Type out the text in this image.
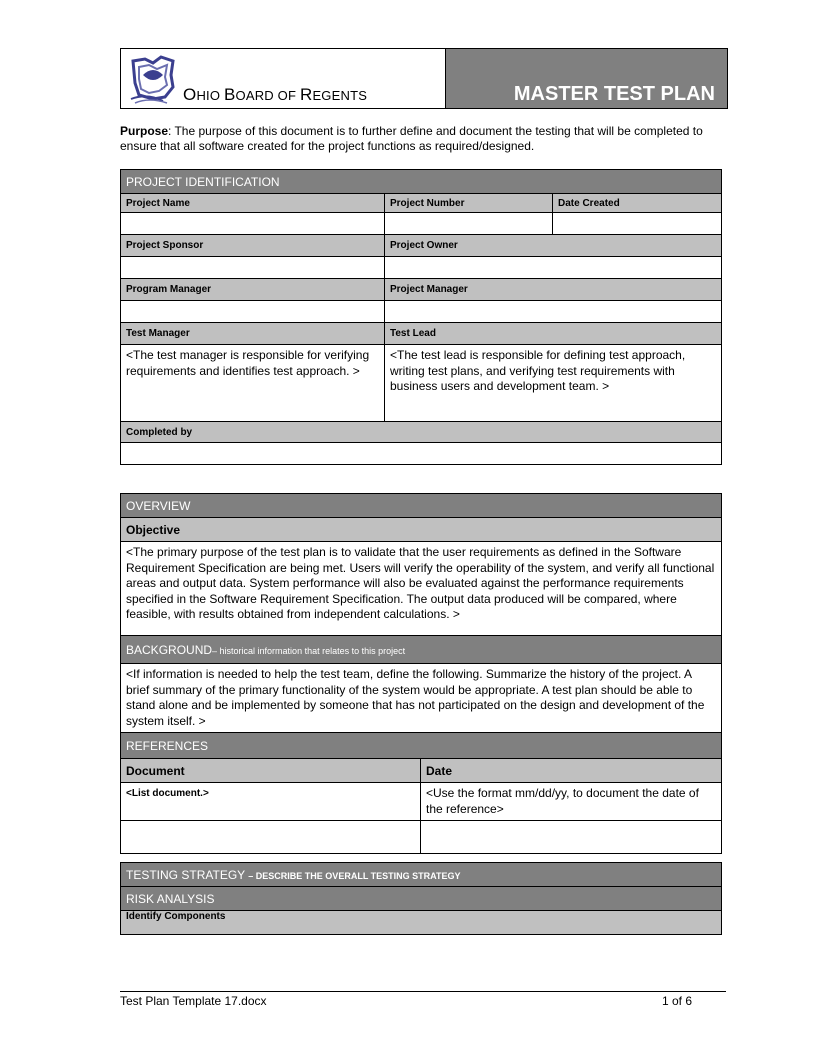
OHIO BOARD OF REGENTS	MASTER TEST PLAN
Purpose: The purpose of this document is to further define and document the testing that will be completed to ensure that all software created for the project functions as required/designed.
PROJECT IDENTIFICATION		
Project Name	Project Number	Date Created

Project Sponsor	Project Owner	

Program Manager	Project Manager	

Test Manager	Test Lead	
<The test manager is responsible for verifying requirements and identifies test approach. >	<The test lead is responsible for defining test approach, writing test plans, and verifying test requirements with business users and development team. >	
Completed by		

OVERVIEW	
Objective	
<The primary purpose of the test plan is to validate that the user requirements as defined in the Software Requirement Specification are being met. Users will verify the operability of the system, and verify all functional areas and output data. System performance will also be evaluated against the performance requirements specified in the Software Requirement Specification. The output data produced will be compared, where feasible, with results obtained from independent calculations. >	
BACKGROUND– historical information that relates to this project	
<If information is needed to help the test team, define the following. Summarize the history of the project. A brief summary of the primary functionality of the system would be appropriate. A test plan should be able to stand alone and be implemented by someone that has not participated on the design and development of the system itself. >	
REFERENCES	
Document	Date
<List document.>	<Use the format mm/dd/yy, to document the date of the reference>

TESTING STRATEGY – DESCRIBE THE OVERALL TESTING STRATEGY
RISK ANALYSIS
Identify Components
Test Plan Template 17.docx	1 of 6
